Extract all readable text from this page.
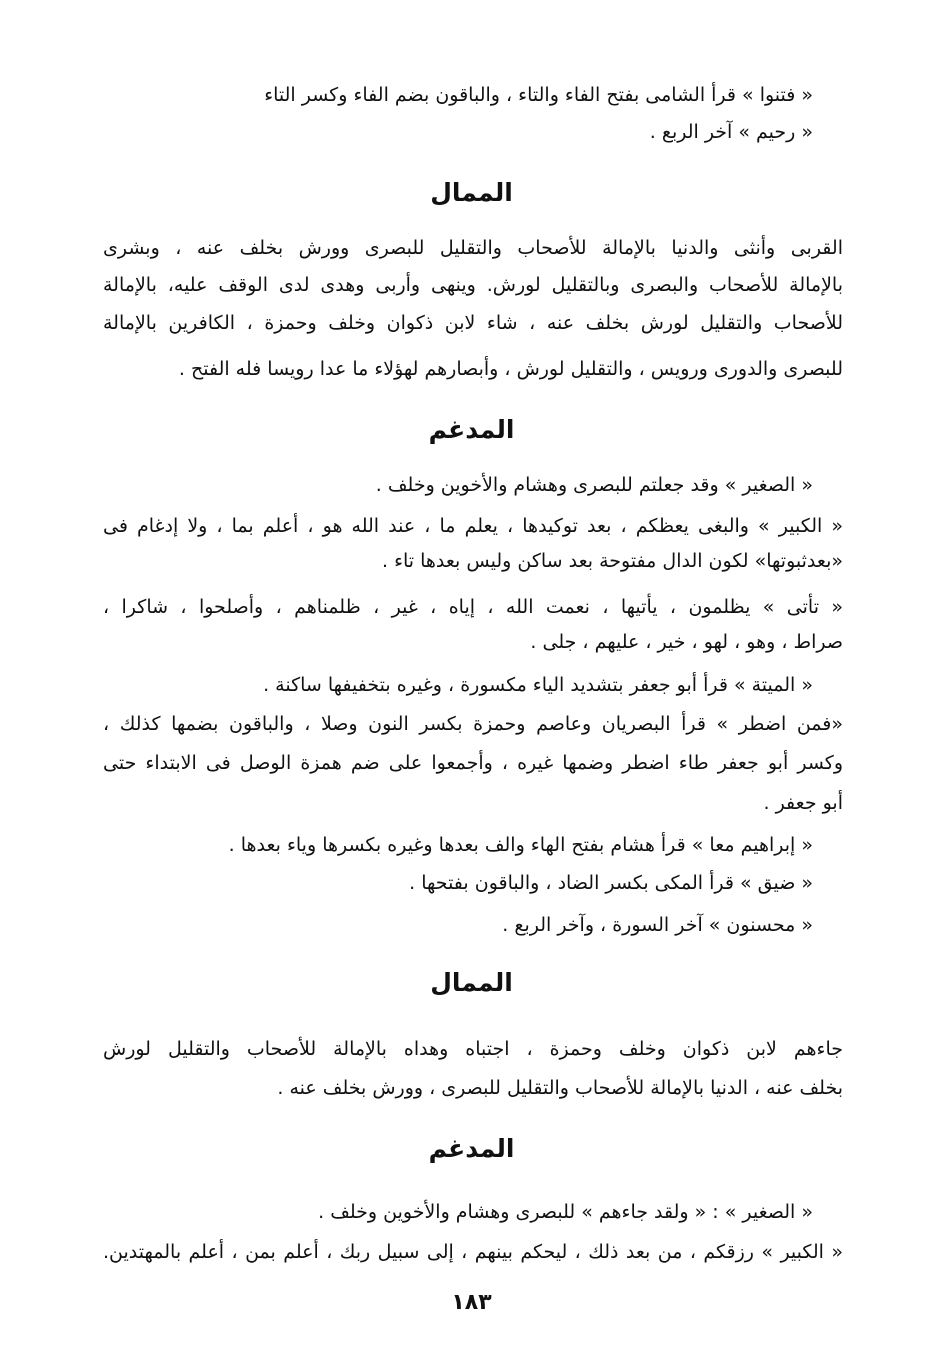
« فتنوا » قرأ الشامى بفتح الفاء والتاء ، والباقون بضم الفاء وكسر التاء
« رحيم » آخر الربع .
الممال
القربى وأنثى والدنيا بالإمالة للأصحاب والتقليل للبصرى وورش بخلف عنه ، وبشرى
بالإمالة للأصحاب والبصرى وبالتقليل لورش. وينهى وأربى وهدى لدى الوقف عليه، بالإمالة
للأصحاب والتقليل لورش بخلف عنه ، شاء لابن ذكوان وخلف وحمزة ، الكافرين بالإمالة
للبصرى والدورى ورويس ، والتقليل لورش ، وأبصارهم لهؤلاء ما عدا رويسا فله الفتح .
المدغم
« الصغير » وقد جعلتم للبصرى وهشام والأخوين وخلف .
« الكبير » والبغى يعظكم ، بعد توكيدها ، يعلم ما ، عند الله هو ، أعلم بما ، ولا إدغام فى
«بعدثبوتها» لكون الدال مفتوحة بعد ساكن وليس بعدها تاء .
« تأتى » يظلمون ، يأتيها ، نعمت الله ، إياه ، غير ، ظلمناهم ، وأصلحوا ، شاكرا ،
صراط ، وهو ، لهو ، خير ، عليهم ، جلى .
« الميتة » قرأ أبو جعفر بتشديد الياء مكسورة ، وغيره بتخفيفها ساكنة .
«فمن اضطر » قرأ البصريان وعاصم وحمزة بكسر النون وصلا ، والباقون بضمها كذلك ،
وكسر أبو جعفر طاء اضطر وضمها غيره ، وأجمعوا على ضم همزة الوصل فى الابتداء حتى
أبو جعفر .
« إبراهيم معا » قرأ هشام بفتح الهاء والف بعدها وغيره بكسرها وياء بعدها .
« ضيق » قرأ المكى بكسر الضاد ، والباقون بفتحها .
« محسنون » آخر السورة ، وآخر الربع .
الممال
جاءهم لابن ذكوان وخلف وحمزة ، اجتباه وهداه بالإمالة للأصحاب والتقليل لورش
بخلف عنه ، الدنيا بالإمالة للأصحاب والتقليل للبصرى ، وورش بخلف عنه .
المدغم
« الصغير » : « ولقد جاءهم » للبصرى وهشام والأخوين وخلف .
« الكبير » رزقكم ، من بعد ذلك ، ليحكم بينهم ، إلى سبيل ربك ، أعلم بمن ، أعلم بالمهتدين.
١٨٣
